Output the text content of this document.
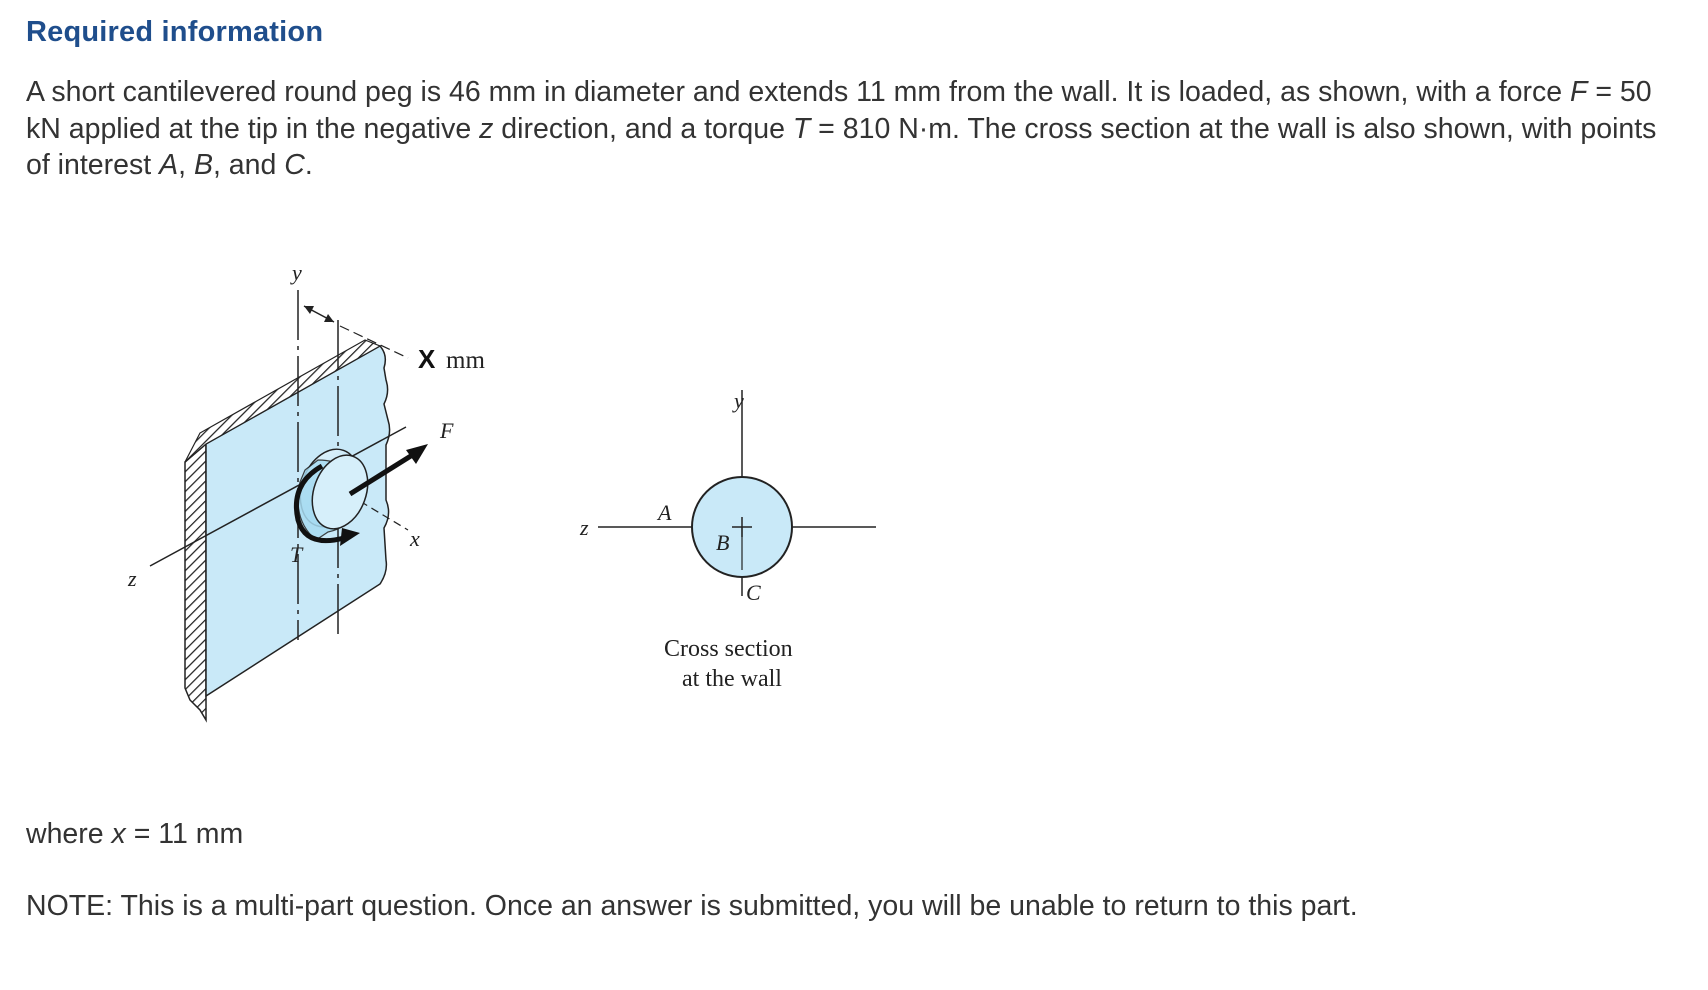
Required information

A short cantilevered round peg is 46 mm in diameter and extends 11 mm from the wall. It is loaded, as shown, with a force F = 50 kN applied at the tip in the negative z direction, and a torque T = 810 N·m. The cross section at the wall is also shown, with points of interest A, B, and C.

y
X mm
F
x
T
z
y
z
A
B
C
Cross section
at the wall

where x = 11 mm

NOTE: This is a multi-part question. Once an answer is submitted, you will be unable to return to this part.
